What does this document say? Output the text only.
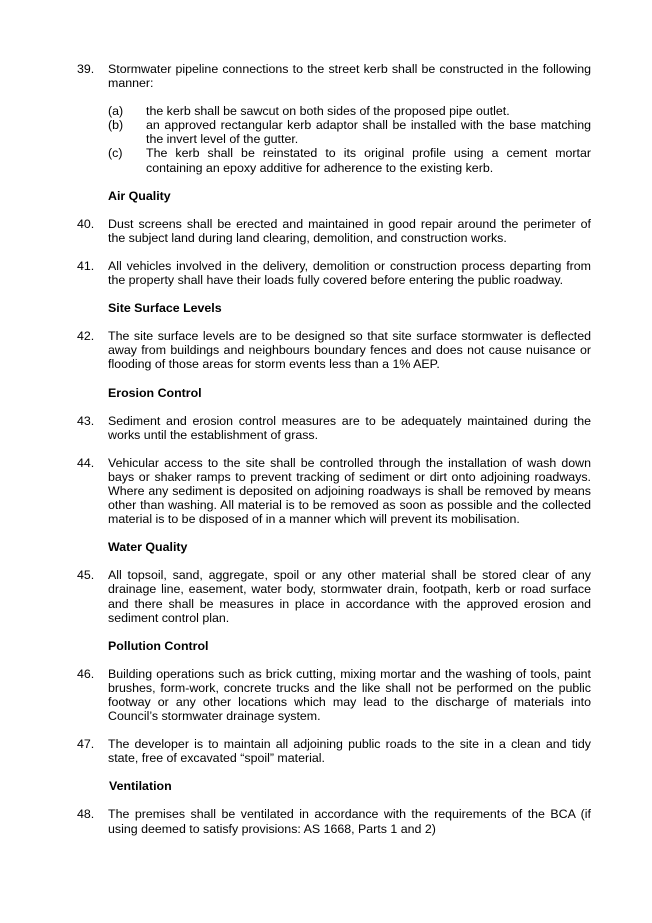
39.	Stormwater pipeline connections to the street kerb shall be constructed in the following manner:
(a)	the kerb shall be sawcut on both sides of the proposed pipe outlet.
(b)	an approved rectangular kerb adaptor shall be installed with the base matching the invert level of the gutter.
(c)	The kerb shall be reinstated to its original profile using a cement mortar containing an epoxy additive for adherence to the existing kerb.
Air Quality
40.	Dust screens shall be erected and maintained in good repair around the perimeter of the subject land during land clearing, demolition, and construction works.
41.	All vehicles involved in the delivery, demolition or construction process departing from the property shall have their loads fully covered before entering the public roadway.
Site Surface Levels
42.	The site surface levels are to be designed so that site surface stormwater is deflected away from buildings and neighbours boundary fences and does not cause nuisance or flooding of those areas for storm events less than a 1% AEP.
Erosion Control
43.	Sediment and erosion control measures are to be adequately maintained during the works until the establishment of grass.
44.	Vehicular access to the site shall be controlled through the installation of wash down bays or shaker ramps to prevent tracking of sediment or dirt onto adjoining roadways. Where any sediment is deposited on adjoining roadways is shall be removed by means other than washing. All material is to be removed as soon as possible and the collected material is to be disposed of in a manner which will prevent its mobilisation.
Water Quality
45.	All topsoil, sand, aggregate, spoil or any other material shall be stored clear of any drainage line, easement, water body, stormwater drain, footpath, kerb or road surface and there shall be measures in place in accordance with the approved erosion and sediment control plan.
Pollution Control
46.	Building operations such as brick cutting, mixing mortar and the washing of tools, paint brushes, form-work, concrete trucks and the like shall not be performed on the public footway or any other locations which may lead to the discharge of materials into Council’s stormwater drainage system.
47.	The developer is to maintain all adjoining public roads to the site in a clean and tidy state, free of excavated “spoil” material.
Ventilation
48.	The premises shall be ventilated in accordance with the requirements of the BCA (if using deemed to satisfy provisions: AS 1668, Parts 1 and 2)
